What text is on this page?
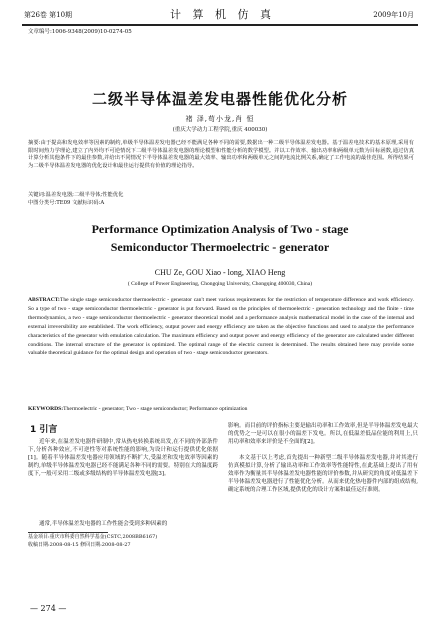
第26卷 第10期	计 算 机 仿 真	2009年10月
文章编号:1006-9348(2009)10-0274-05
二级半导体温差发电器性能优化分析
褚 泽,苟小龙,肖 恒
(重庆大学动力工程学院,重庆 400030)
摘要:由于提高和发电效率等因素的制约,单级半导体温差发电器已经不能满足各种不同的需要,数据出一种二级半导体温差发电器。基于温差电技术的基本原理,采用有限时间热力学理论,建立了内外均不可逆情况下二级半导体温差发电器的理论模型和性能分析的数学模型。并以工作效率、输出功率和两级单元数为目标函数,通过仿真计算分析其他条件下的最佳参数,并给出不同情况下半导体温差发电器的最大效率、输出功率和两级单元之间的电流比例关系,确定了工作电流的最佳范围。所得结果可为二级半导体温差发电器的优化设计和最佳运行提供有价值的理论指导。
关键词:温差发电器;二级半导体;性能优化
中图分类号:TE09 文献标识码:A
Performance Optimization Analysis of Two - stage
Semiconductor Thermoelectric - generator
CHU Ze, GOU Xiao - long, XIAO Heng
( College of Power Engineering, Chongqing University, Chongqing 400030, China)
ABSTRACT:The single stage semiconductor thermoelectric - generator can't meet various requirements for the restriction of temperature difference and work efficiency. So a type of two - stage semiconductor thermoelectric - generator is put forward. Based on the principles of thermoelectric - generation technology and the finite - time thermodynamics, a two - stage semiconductor thermoelectric - generator theoretical model and a performance analysis mathematical model in the case of the internal and external irreversibility are established. The work efficiency, output power and energy efficiency are taken as the objective functions and used to analyze the performance characteristics of the generator with emulation calculation. The maximum efficiency and output power and energy efficiency of the generator are calculated under different conditions. The internal structure of the generator is optimized. The optimal range of the electric current is determined. The results obtained here may provide some valuable theoretical guidance for the optimal design and operation of two - stage semiconductor generators.
KEYWORDS:Thermoelectric - generator; Two - stage semiconductor; Performance optimization
1 引言
近年来,在温差发电器件研制中,常从热电转换系统出发,在不同的外部条件下,分析各种效应,不可逆性等对系统性能的影响,为设计和运行提供优化依据[1]。随着半导体温差发电器应用领域的不断扩大,受温差和发电效率等因素的制约,单级半导体温差发电器已经不能满足各种不同的需要。特别在大的温度跨度下,一般可采用二级或多级结构的半导体温差发电器[3]。
通常,半导体温差发电器的工作性能会受到多种因素的
基金项目:重庆市科委自然科学基金(CSTC,2008BB6167)
收稿日期:2008-08-15 修回日期:2008-08-27
影响。而目前的评价指标主要是输出功率和工作效率,但是半导体温差发电最大的优势之一是可以在很小的温差下发电。所以,在低温差低品位能的利用上,只用功率和效率来评价是不全面的[2]。
本文基于以上考虑,首先提出一种新型二级半导体温差发电器,并对其进行仿真模拟计算,分析了输出功率和工作效率等性能特性,在此基础上提出了用有效率作为衡量其半导体温差发电器性能的评价参数,并从研究的角度对低温差下半导体温差发电器进行了性能优化分析。从而来优化热电器件内部的组成结构,确定系统的合理工作区域,提供优化的设计方案和最佳运行准则。
— 274 —
